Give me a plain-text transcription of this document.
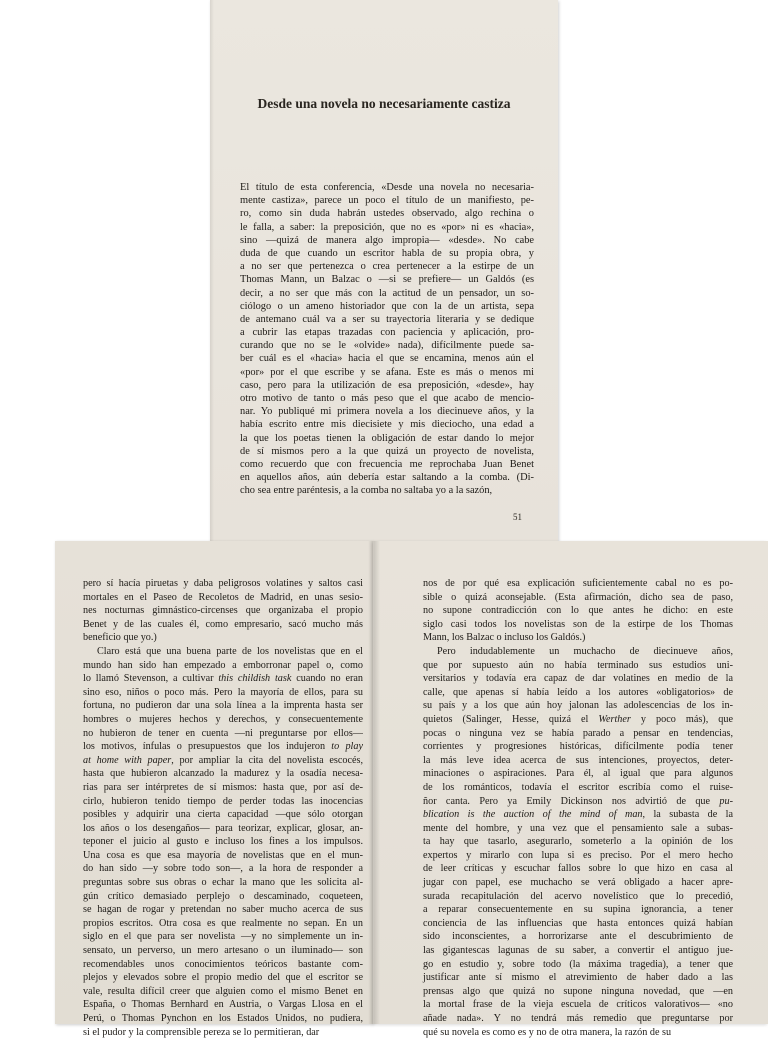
Desde una novela no necesariamente castiza
El título de esta conferencia, «Desde una novela no necesaria-
mente castiza», parece un poco el título de un manifiesto, pe-
ro, como sin duda habrán ustedes observado, algo rechina o
le falla, a saber: la preposición, que no es «por» ni es «hacia»,
sino —quizá de manera algo impropia— «desde». No cabe
duda de que cuando un escritor habla de su propia obra, y
a no ser que pertenezca o crea pertenecer a la estirpe de un
Thomas Mann, un Balzac o —si se prefiere— un Galdós (es
decir, a no ser que más con la actitud de un pensador, un so-
ciólogo o un ameno historiador que con la de un artista, sepa
de antemano cuál va a ser su trayectoria literaria y se dedique
a cubrir las etapas trazadas con paciencia y aplicación, pro-
curando que no se le «olvide» nada), difícilmente puede sa-
ber cuál es el «hacia» hacia el que se encamina, menos aún el
«por» por el que escribe y se afana. Este es más o menos mi
caso, pero para la utilización de esa preposición, «desde», hay
otro motivo de tanto o más peso que el que acabo de mencio-
nar. Yo publiqué mi primera novela a los diecinueve años, y la
había escrito entre mis diecisiete y mis dieciocho, una edad a
la que los poetas tienen la obligación de estar dando lo mejor
de sí mismos pero a la que quizá un proyecto de novelista,
como recuerdo que con frecuencia me reprochaba Juan Benet
en aquellos años, aún debería estar saltando a la comba. (Di-
cho sea entre paréntesis, a la comba no saltaba yo a la sazón,
51
pero sí hacía piruetas y daba peligrosos volatines y saltos casi
mortales en el Paseo de Recoletos de Madrid, en unas sesio-
nes nocturnas gimnástico-circenses que organizaba el propio
Benet y de las cuales él, como empresario, sacó mucho más
beneficio que yo.)
Claro está que una buena parte de los novelistas que en el
mundo han sido han empezado a emborronar papel o, como
lo llamó Stevenson, a cultivar this childish task cuando no eran
sino eso, niños o poco más. Pero la mayoría de ellos, para su
fortuna, no pudieron dar una sola línea a la imprenta hasta ser
hombres o mujeres hechos y derechos, y consecuentemente
no hubieron de tener en cuenta —ni preguntarse por ellos—
los motivos, ínfulas o presupuestos que los indujeron to play
at home with paper, por ampliar la cita del novelista escocés,
hasta que hubieron alcanzado la madurez y la osadía necesa-
rias para ser intérpretes de sí mismos: hasta que, por así de-
cirlo, hubieron tenido tiempo de perder todas las inocencias
posibles y adquirir una cierta capacidad —que sólo otorgan
los años o los desengaños— para teorizar, explicar, glosar, an-
teponer el juicio al gusto e incluso los fines a los impulsos.
Una cosa es que esa mayoría de novelistas que en el mun-
do han sido —y sobre todo son—, a la hora de responder a
preguntas sobre sus obras o echar la mano que les solicita al-
gún crítico demasiado perplejo o descaminado, coqueteen,
se hagan de rogar y pretendan no saber mucho acerca de sus
propios escritos. Otra cosa es que realmente no sepan. En un
siglo en el que para ser novelista —y no simplemente un in-
sensato, un perverso, un mero artesano o un iluminado— son
recomendables unos conocimientos teóricos bastante com-
plejos y elevados sobre el propio medio del que el escritor se
vale, resulta difícil creer que alguien como el mismo Benet en
España, o Thomas Bernhard en Austria, o Vargas Llosa en el
Perú, o Thomas Pynchon en los Estados Unidos, no pudiera,
si el pudor y la comprensible pereza se lo permitieran, dar
nos de por qué esa explicación suficientemente cabal no es po-
sible o quizá aconsejable. (Esta afirmación, dicho sea de paso,
no supone contradicción con lo que antes he dicho: en este
siglo casi todos los novelistas son de la estirpe de los Thomas
Mann, los Balzac o incluso los Galdós.)
Pero indudablemente un muchacho de diecinueve años,
que por supuesto aún no había terminado sus estudios uni-
versitarios y todavía era capaz de dar volatines en medio de la
calle, que apenas sí había leído a los autores «obligatorios» de
su país y a los que aún hoy jalonan las adolescencias de los in-
quietos (Salinger, Hesse, quizá el Werther y poco más), que
pocas o ninguna vez se había parado a pensar en tendencias,
corrientes y progresiones históricas, difícilmente podía tener
la más leve idea acerca de sus intenciones, proyectos, deter-
minaciones o aspiraciones. Para él, al igual que para algunos
de los románticos, todavía el escritor escribía como el ruise-
ñor canta. Pero ya Emily Dickinson nos advirtió de que pu-
blication is the auction of the mind of man, la subasta de la
mente del hombre, y una vez que el pensamiento sale a subas-
ta hay que tasarlo, asegurarlo, someterlo a la opinión de los
expertos y mirarlo con lupa si es preciso. Por el mero hecho
de leer críticas y escuchar fallos sobre lo que hizo en casa al
jugar con papel, ese muchacho se verá obligado a hacer apre-
surada recapitulación del acervo novelístico que lo precedió,
a reparar consecuentemente en su supina ignorancia, a tener
conciencia de las influencias que hasta entonces quizá habían
sido inconscientes, a horrorizarse ante el descubrimiento de
las gigantescas lagunas de su saber, a convertir el antiguo jue-
go en estudio y, sobre todo (la máxima tragedia), a tener que
justificar ante sí mismo el atrevimiento de haber dado a las
prensas algo que quizá no supone ninguna novedad, que —en
la mortal frase de la vieja escuela de críticos valorativos— «no
añade nada». Y no tendrá más remedio que preguntarse por
qué su novela es como es y no de otra manera, la razón de su
